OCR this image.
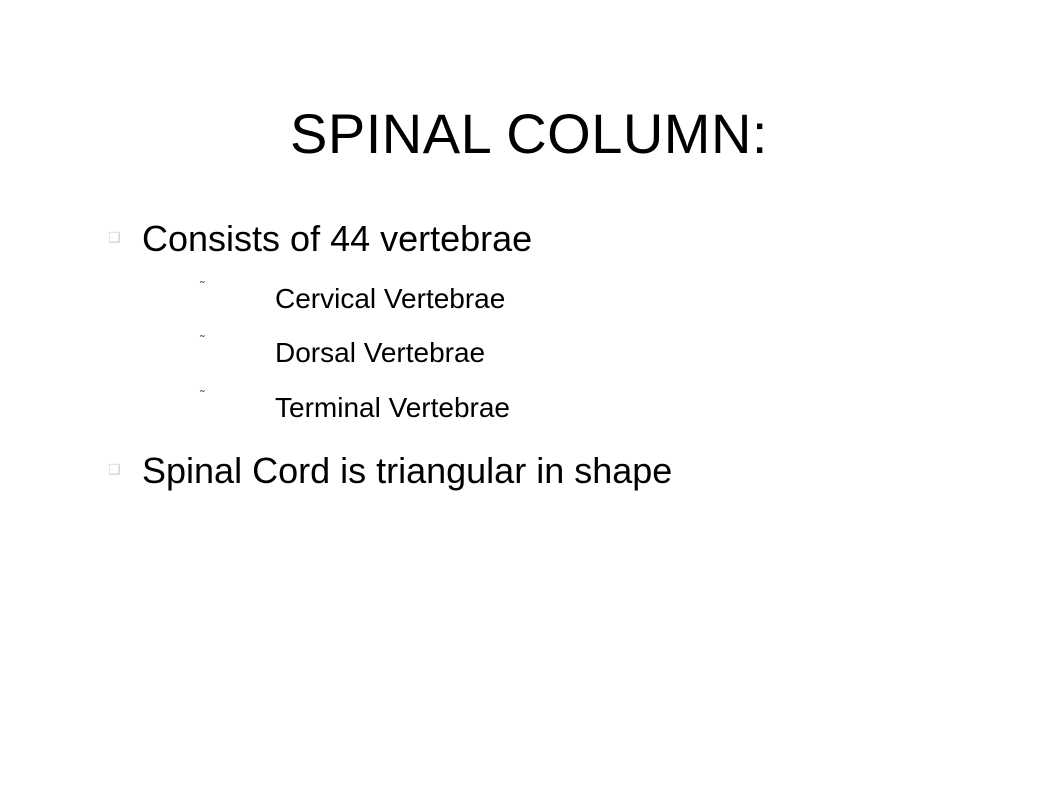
SPINAL COLUMN:
❑ Consists of 44 vertebrae
˜	Cervical Vertebrae
˜	Dorsal Vertebrae
˜	Terminal Vertebrae
❑ Spinal Cord is triangular in shape
